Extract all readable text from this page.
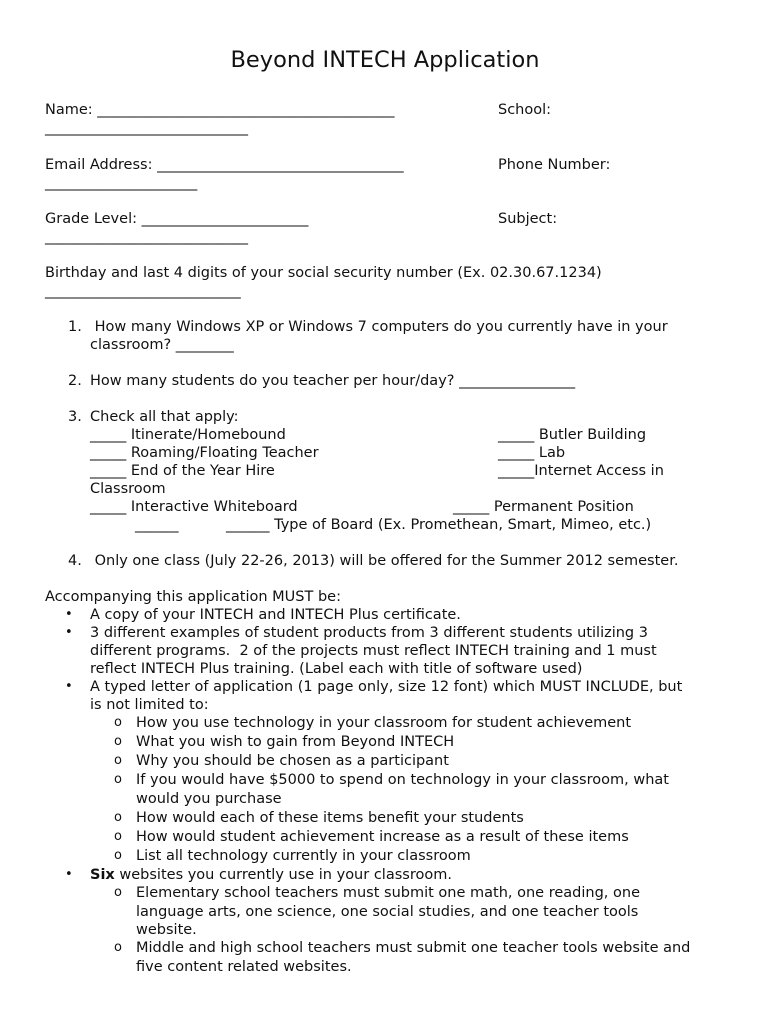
Beyond INTECH Application
Name: _________________________________________	School:
____________________________
Email Address: __________________________________	Phone Number:
_____________________
Grade Level: _______________________	Subject:
____________________________
Birthday and last 4 digits of your social security number (Ex. 02.30.67.1234)
___________________________
1. How many Windows XP or Windows 7 computers do you currently have in your
classroom? ________
2. How many students do you teacher per hour/day? ________________
3. Check all that apply:
_____ Itinerate/Homebound	_____ Butler Building
_____ Roaming/Floating Teacher	_____ Lab
_____ End of the Year Hire	_____Internet Access in
Classroom
_____ Interactive Whiteboard	_____ Permanent Position
______	______ Type of Board (Ex. Promethean, Smart, Mimeo, etc.)
4. Only one class (July 22-26, 2013) will be offered for the Summer 2012 semester.
Accompanying this application MUST be:
• A copy of your INTECH and INTECH Plus certificate.
• 3 different examples of student products from 3 different students utilizing 3
different programs.  2 of the projects must reflect INTECH training and 1 must
reflect INTECH Plus training. (Label each with title of software used)
• A typed letter of application (1 page only, size 12 font) which MUST INCLUDE, but
is not limited to:
o How you use technology in your classroom for student achievement
o What you wish to gain from Beyond INTECH
o Why you should be chosen as a participant
o If you would have $5000 to spend on technology in your classroom, what
would you purchase
o How would each of these items benefit your students
o How would student achievement increase as a result of these items
o List all technology currently in your classroom
• Six websites you currently use in your classroom.
o Elementary school teachers must submit one math, one reading, one
language arts, one science, one social studies, and one teacher tools
website.
o Middle and high school teachers must submit one teacher tools website and
five content related websites.
